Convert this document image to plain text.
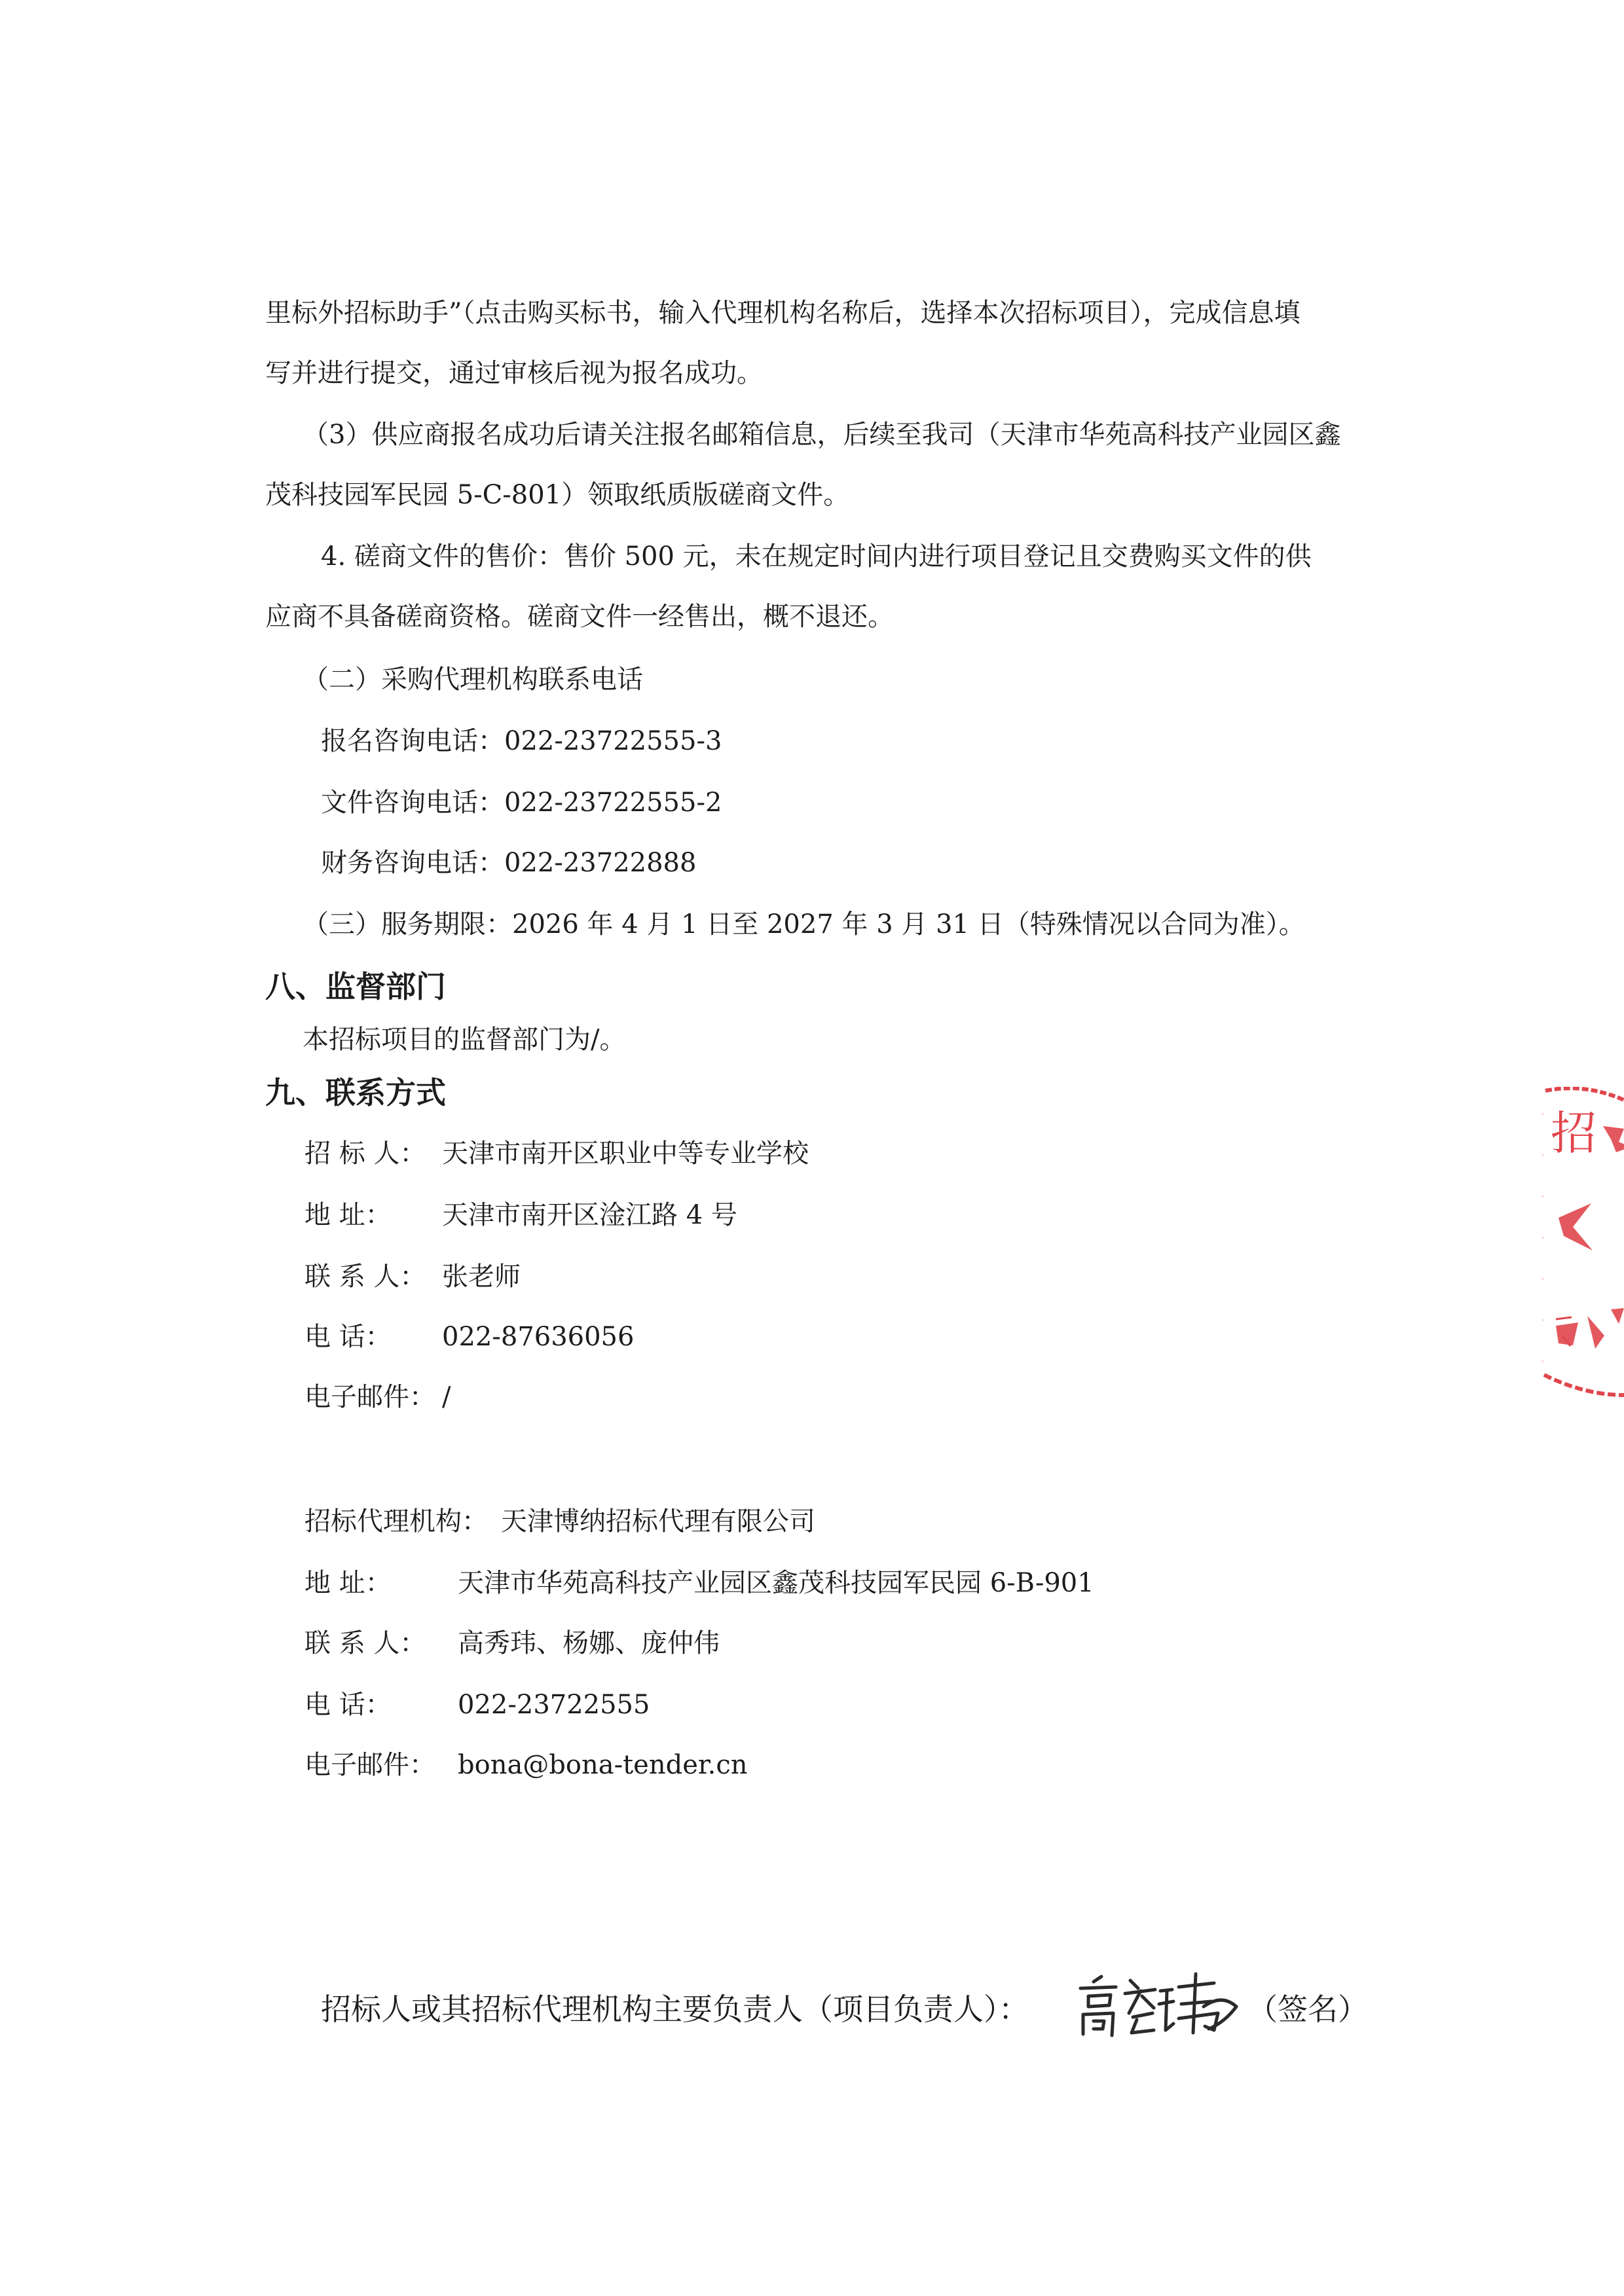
里标外招标助手”（点击购买标书，输入代理机构名称后，选择本次招标项目），完成信息填
写并进行提交，通过审核后视为报名成功。
（3）供应商报名成功后请关注报名邮箱信息，后续至我司（天津市华苑高科技产业园区鑫
茂科技园军民园 5-C-801）领取纸质版磋商文件。
4. 磋商文件的售价：售价 500 元，未在规定时间内进行项目登记且交费购买文件的供
应商不具备磋商资格。磋商文件一经售出，概不退还。
（二）采购代理机构联系电话
报名咨询电话：022-23722555-3
文件咨询电话：022-23722555-2
财务咨询电话：022-23722888
（三）服务期限：2026 年 4 月 1 日至 2027 年 3 月 31 日（特殊情况以合同为准）。
八、监督部门
本招标项目的监督部门为/。
九、联系方式
招 标 人： 天津市南开区职业中等专业学校
地 址： 天津市南开区淦江路 4 号
联 系 人： 张老师
电 话： 022-87636056
电子邮件： /
招标代理机构： 天津博纳招标代理有限公司
地 址：	天津市华苑高科技产业园区鑫茂科技园军民园 6-B-901
联 系 人： 高秀玮、杨娜、庞仲伟
电 话：	022-23722555
电子邮件： bona@bona-tender.cn
招标人或其招标代理机构主要负责人（项目负责人）：	（签名）
招
